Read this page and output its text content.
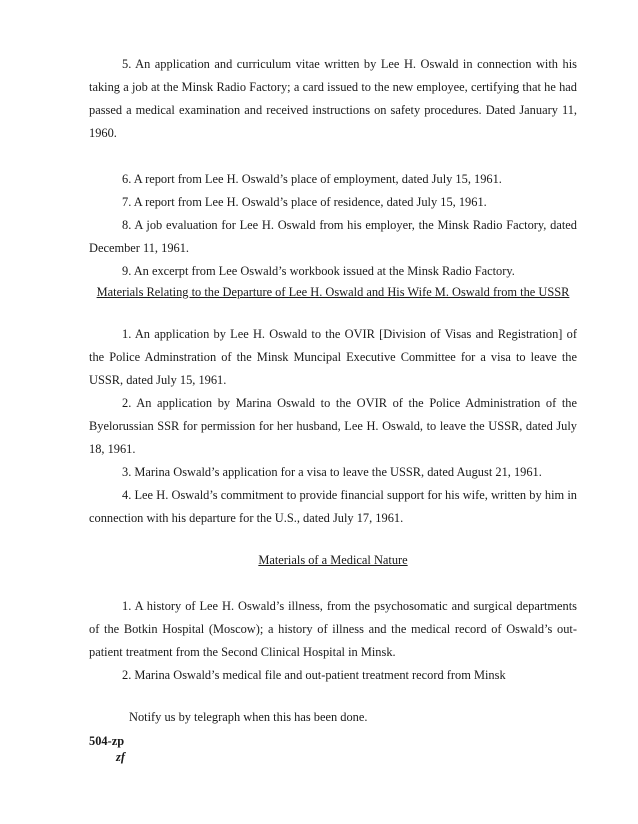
5. An application and curriculum vitae written by Lee H. Oswald in connection with his taking a job at the Minsk Radio Factory; a card issued to the new employee, certifying that he had passed a medical examination and received instructions on safety procedures. Dated January 11, 1960.

6. A report from Lee H. Oswald’s place of employment, dated July 15, 1961.

7. A report from Lee H. Oswald’s place of residence, dated July 15, 1961.

8. A job evaluation for Lee H. Oswald from his employer, the Minsk Radio Factory, dated December 11, 1961.

9. An excerpt from Lee Oswald’s workbook issued at the Minsk Radio Factory.

Materials Relating to the Departure of Lee H. Oswald and His Wife M. Oswald from the USSR

1. An application by Lee H. Oswald to the OVIR [Division of Visas and Registration] of the Police Adminstration of the Minsk Muncipal Executive Committee for a visa to leave the USSR, dated July 15, 1961.

2. An application by Marina Oswald to the OVIR of the Police Administration of the Byelorussian SSR for permission for her husband, Lee H. Oswald, to leave the USSR, dated July 18, 1961.

3. Marina Oswald’s application for a visa to leave the USSR, dated August 21, 1961.

4. Lee H. Oswald’s commitment to provide financial support for his wife, written by him in connection with his departure for the U.S., dated July 17, 1961.

Materials of a Medical Nature

1. A history of Lee H. Oswald’s illness, from the psychosomatic and surgical departments of the Botkin Hospital (Moscow); a history of illness and the medical record of Oswald’s out-patient treatment from the Second Clinical Hospital in Minsk.

2. Marina Oswald’s medical file and out-patient treatment record from Minsk

Notify us by telegraph when this has been done.

504-zp

zf
